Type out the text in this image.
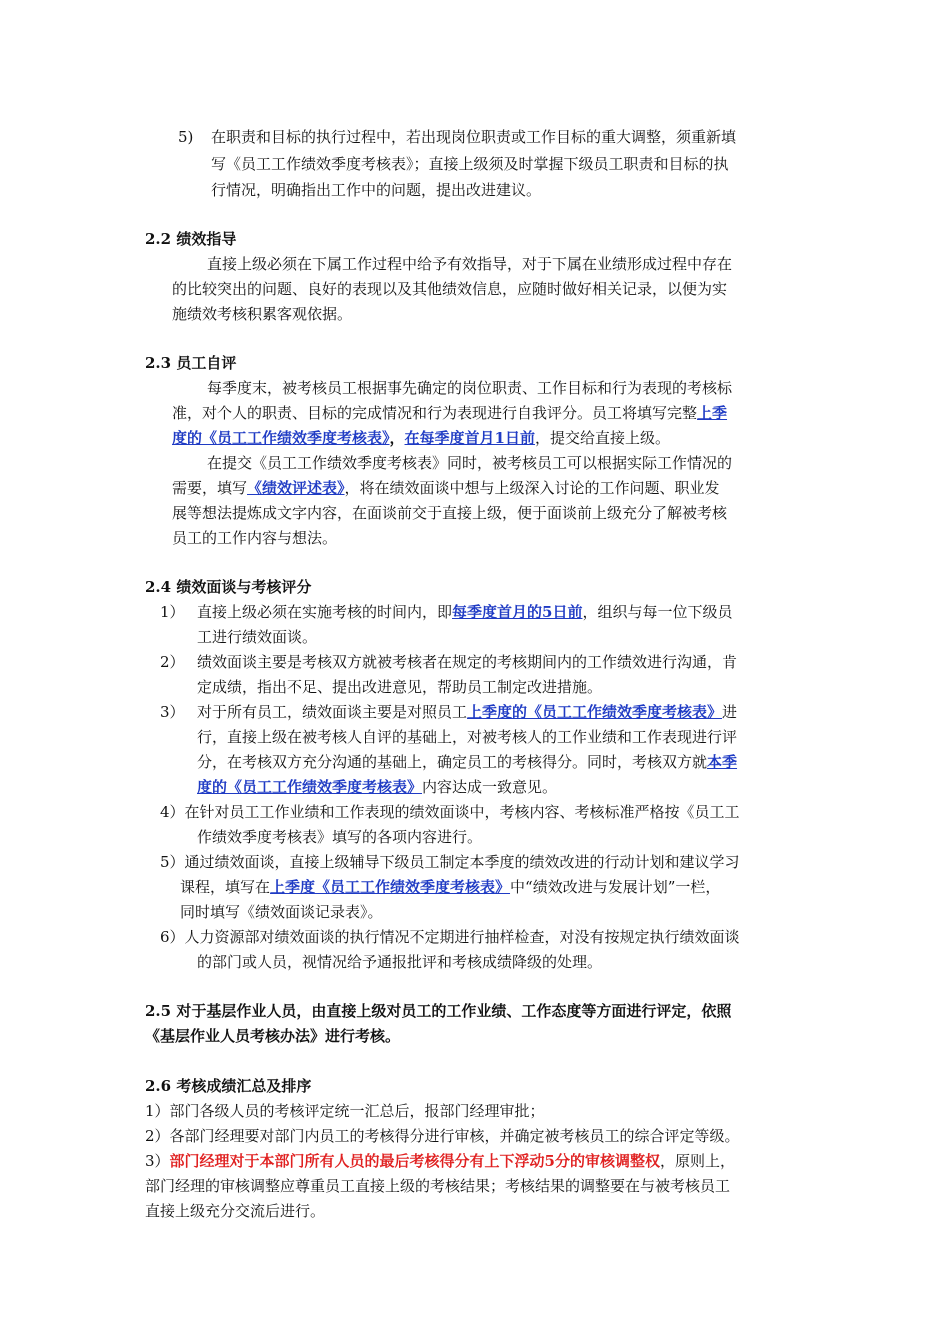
5) 在职责和目标的执行过程中，若出现岗位职责或工作目标的重大调整，须重新填
写《员工工作绩效季度考核表》；直接上级须及时掌握下级员工职责和目标的执
行情况，明确指出工作中的问题，提出改进建议。
2.2 绩效指导
直接上级必须在下属工作过程中给予有效指导，对于下属在业绩形成过程中存在
的比较突出的问题、良好的表现以及其他绩效信息，应随时做好相关记录，以便为实
施绩效考核积累客观依据。
2.3 员工自评
每季度末，被考核员工根据事先确定的岗位职责、工作目标和行为表现的考核标
准，对个人的职责、目标的完成情况和行为表现进行自我评分。员工将填写完整上季
度的《员工工作绩效季度考核表》，在每季度首月1日前，提交给直接上级。
在提交《员工工作绩效季度考核表》同时，被考核员工可以根据实际工作情况的
需要，填写《绩效评述表》，将在绩效面谈中想与上级深入讨论的工作问题、职业发
展等想法提炼成文字内容，在面谈前交于直接上级，便于面谈前上级充分了解被考核
员工的工作内容与想法。
2.4 绩效面谈与考核评分
1） 直接上级必须在实施考核的时间内，即每季度首月的5日前，组织与每一位下级员
工进行绩效面谈。
2） 绩效面谈主要是考核双方就被考核者在规定的考核期间内的工作绩效进行沟通，肯
定成绩，指出不足、提出改进意见，帮助员工制定改进措施。
3） 对于所有员工，绩效面谈主要是对照员工上季度的《员工工作绩效季度考核表》进
行，直接上级在被考核人自评的基础上，对被考核人的工作业绩和工作表现进行评
分，在考核双方充分沟通的基础上，确定员工的考核得分。同时，考核双方就本季
度的《员工工作绩效季度考核表》内容达成一致意见。
4）在针对员工工作业绩和工作表现的绩效面谈中，考核内容、考核标准严格按《员工工
作绩效季度考核表》填写的各项内容进行。
5）通过绩效面谈，直接上级辅导下级员工制定本季度的绩效改进的行动计划和建议学习
课程，填写在上季度《员工工作绩效季度考核表》中“绩效改进与发展计划”一栏，
同时填写《绩效面谈记录表》。
6）人力资源部对绩效面谈的执行情况不定期进行抽样检查，对没有按规定执行绩效面谈
的部门或人员，视情况给予通报批评和考核成绩降级的处理。
2.5 对于基层作业人员，由直接上级对员工的工作业绩、工作态度等方面进行评定，依照
《基层作业人员考核办法》进行考核。
2.6 考核成绩汇总及排序
1）部门各级人员的考核评定统一汇总后，报部门经理审批；
2）各部门经理要对部门内员工的考核得分进行审核，并确定被考核员工的综合评定等级。
3）部门经理对于本部门所有人员的最后考核得分有上下浮动5分的审核调整权，原则上，
部门经理的审核调整应尊重员工直接上级的考核结果；考核结果的调整要在与被考核员工
直接上级充分交流后进行。
